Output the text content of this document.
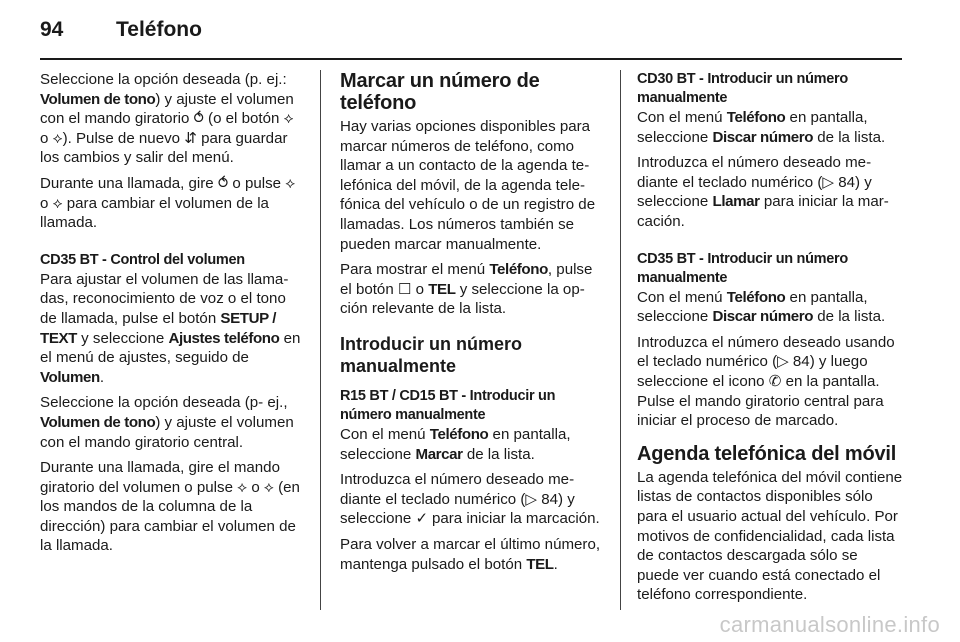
94	Teléfono

Seleccione la opción deseada (p. ej.: Volumen de tono) y ajuste el volumen con el mando giratorio ⥀ (o el botón ⟡ o ⟡). Pulse de nuevo ⇵ para guardar los cambios y salir del menú.

Durante una llamada, gire ⥀ o pulse ⟡ o ⟡ para cambiar el volumen de la llamada.

CD35 BT - Control del volumen

Para ajustar el volumen de las llamadas, reconocimiento de voz o el tono de llamada, pulse el botón SETUP / TEXT y seleccione Ajustes teléfono en el menú de ajustes, seguido de Volumen.

Seleccione la opción deseada (p- ej., Volumen de tono) y ajuste el volumen con el mando giratorio central.

Durante una llamada, gire el mando giratorio del volumen o pulse ⟡ o ⟡ (en los mandos de la columna de la dirección) para cambiar el volumen de la llamada.

Marcar un número de teléfono

Hay varias opciones disponibles para marcar números de teléfono, como llamar a un contacto de la agenda telefónica del móvil, de la agenda telefónica del vehículo o de un registro de llamadas. Los números también se pueden marcar manualmente.

Para mostrar el menú Teléfono, pulse el botón ☐ o TEL y seleccione la opción relevante de la lista.

Introducir un número manualmente
R15 BT / CD15 BT - Introducir un número manualmente

Con el menú Teléfono en pantalla, seleccione Marcar de la lista.

Introduzca el número deseado mediante el teclado numérico (▷ 84) y seleccione ✓ para iniciar la marcación.

Para volver a marcar el último número, mantenga pulsado el botón TEL.

CD30 BT - Introducir un número manualmente

Con el menú Teléfono en pantalla, seleccione Discar número de la lista.

Introduzca el número deseado mediante el teclado numérico (▷ 84) y seleccione Llamar para iniciar la marcación.

CD35 BT - Introducir un número manualmente

Con el menú Teléfono en pantalla, seleccione Discar número de la lista.

Introduzca el número deseado usando el teclado numérico (▷ 84) y luego seleccione el icono ✆ en la pantalla. Pulse el mando giratorio central para iniciar el proceso de marcado.

Agenda telefónica del móvil

La agenda telefónica del móvil contiene listas de contactos disponibles sólo para el usuario actual del vehículo. Por motivos de confidencialidad, cada lista de contactos descargada sólo se puede ver cuando está conectado el teléfono correspondiente.

carmanualsonline.info
